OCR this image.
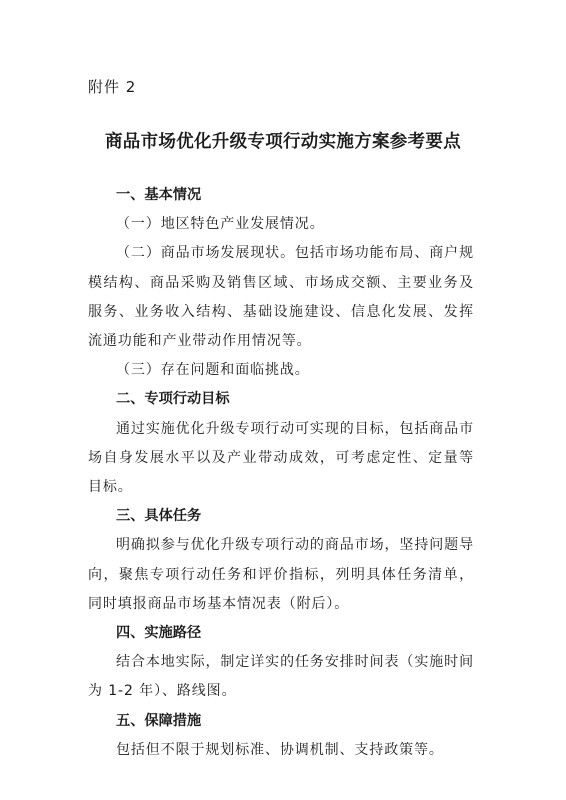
附件 2
商品市场优化升级专项行动实施方案参考要点

一、基本情况

（一）地区特色产业发展情况。

（二）商品市场发展现状。包括市场功能布局、商户规模结构、商品采购及销售区域、市场成交额、主要业务及服务、业务收入结构、基础设施建设、信息化发展、发挥流通功能和产业带动作用情况等。

（三）存在问题和面临挑战。

二、专项行动目标

通过实施优化升级专项行动可实现的目标，包括商品市场自身发展水平以及产业带动成效，可考虑定性、定量等目标。

三、具体任务

明确拟参与优化升级专项行动的商品市场，坚持问题导向，聚焦专项行动任务和评价指标，列明具体任务清单，同时填报商品市场基本情况表（附后）。

四、实施路径

结合本地实际，制定详实的任务安排时间表（实施时间为 1-2 年）、路线图。

五、保障措施

包括但不限于规划标准、协调机制、支持政策等。
